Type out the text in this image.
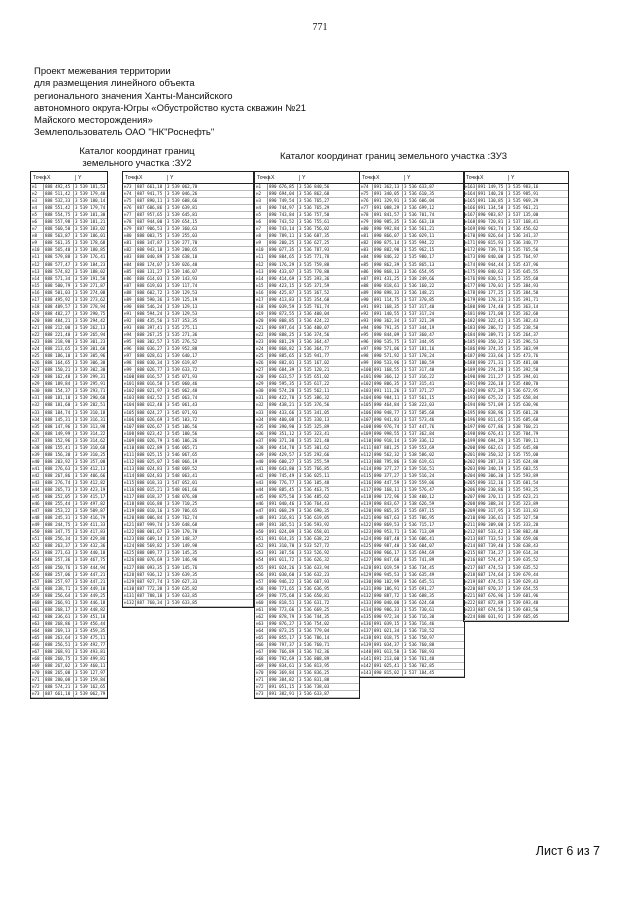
771
Проект межевания территории
для размещения линейного объекта
регионального значения Ханты-Мансийского
автономного округа-Югры «Обустройство куста скважин №21
Майского месторождения»
Землепользователь ОАО "НК"Роснефть"
Каталог координат границ
земельного участка :ЗУ2
Каталог координат границ земельного участка :ЗУ3
Точка X	Y
н1	888 492,45	3 539 181,53
н2	888 511,42	3 539 179,40
н3	888 532,33	3 539 180,14
н4	888 551,42	3 539 179,74
н5	888 554,75	3 539 181,30
н6	888 557,98	3 539 181,21
н7	888 560,50	3 539 183,02
н8	888 563,87	3 539 186,01
н9	888 561,35	3 539 178,68
н10	888 565,40	3 539 180,85
н11	888 579,88	3 539 176,41
н12	888 577,47	3 539 184,23
н13	888 574,82	3 539 188,02
н14	888 571,34	3 539 191,58
н15	888 500,79	3 539 271,87
н16	888 501,03	3 539 274,00
н17	888 495,92	3 539 273,62
н18	888 489,57	3 539 278,94
н19	888 482,27	3 539 290,75
н20	888 484,21	3 539 294,42
н21	888 212,00	3 539 262,13
н22	888 221,40	3 539 265,94
н23	888 218,90	3 539 301,23
н24	888 213,65	3 539 301,68
н25	888 186,10	3 539 305,96
н26	888 164,65	3 539 306,30
н27	888 150,21	3 539 302,30
н28	888 162,48	3 539 299,31
н29	888 189,84	3 539 295,91
н30	888 154,37	3 539 293,71
н31	888 181,18	3 539 290,60
н32	888 181,60	3 539 282,51
н33	888 184,74	3 539 310,18
н34	888 145,31	3 539 316,31
н35	888 147,96	3 539 313,98
н36	888 149,99	3 539 314,22
н37	888 152,96	3 539 314,62
н38	888 155,41	3 539 310,68
н39	888 156,30	3 539 310,25
н40	888 203,92	3 539 357,00
н41	888 276,63	3 539 412,13
н42	888 267,86	3 539 406,66
н43	888 276,74	3 539 412,82
н44	888 265,73	3 539 423,19
н45	888 252,05	3 539 415,17
н46	888 255,44	3 539 497,82
н47	888 253,22	3 539 509,87
н48	888 245,31	3 539 416,79
н49	888 244,75	3 539 411,33
н50	888 347,75	3 539 417,83
н51	888 256,34	3 539 429,88
н52	888 263,37	3 539 432,36
н53	888 271,63	3 539 440,10
н54	888 257,36	3 539 467,75
н55	888 250,76	3 539 444,94
н56	888 257,06	3 539 447,21
н57	888 257,97	3 539 447,21
н58	888 238,71	3 539 449,10
н59	888 256,64	3 539 449,25
н60	888 266,91	3 539 446,18
н61	888 268,17	3 539 448,82
н62	888 236,61	3 539 451,10
н63	888 268,86	3 539 456,44
н64	888 269,13	3 539 459,35
н65	888 263,64	3 539 475,11
н66	888 256,51	3 539 492,77
н67	888 268,91	3 539 493,81
н68	888 260,75	3 539 499,81
н69	888 267,02	3 539 460,11
н70	888 265,08	3 539 127,97
н71	888 280,08	3 539 159,84
н72	888 574,21	3 539 162,65
н73	887 661,18	3 539 062,79
Точка X	Y
н73	887 661,18	3 539 062,78
н74	887 941,75	3 539 046,26
н75	887 890,11	3 539 608,66
н76	887 686,86	3 539 639,81
н77	887 957,65	3 539 645,81
н78	887 944,00	3 539 654,15
н79	887 906,53	3 539 360,63
н80	888 003,75	3 539 255,03
н81	888 347,87	3 539 277,70
н82	888 943,10	3 539 200,65
н83	888 040,89	3 538 638,18
н84	888 174,07	3 539 026,40
н85	888 131,27	3 539 146,07
н86	888 614,03	3 539 143,93
н87	888 619,03	3 539 117,74
н88	888 602,72	3 539 129,53
н89	888 590,36	3 539 125,19
н90	888 546,24	3 539 129,13
н91	888 594,24	3 539 129,53
н92	888 435,56	3 537 353,35
н93	888 397,41	3 535 275,11
н94	888 267,25	3 535 271,36
н95	888 302,57	3 535 276,52
н96	888 036,27	3 539 952,88
н97	888 028,61	3 539 640,17
н98	888 030,34	3 539 619,87
н99	888 026,77	3 539 633,72
н100 888 016,57	3 545 071,93
н101 888 016,50	3 545 060,46
н102 888 021,97	3 545 062,48
н103 888 842,52	3 545 063,74
н104 888 012,48	3 545 061,43
н105 888 024,27	3 545 071,93
н106 888 026,69	3 545 103,72
н107 888 026,67	3 545 106,56
н108 888 023,42	3 545 100,56
н109 888 026,79	3 546 106,26
н110 888 022,89	3 546 065,71
н111 888 025,15	3 546 067,65
н112 888 025,07	3 548 066,19
н113 888 024,83	3 548 069,52
н114 888 024,83	3 548 063,41
н115 888 018,33	3 547 052,01
н116 888 015,21	3 548 061,66
н117 888 018,37	3 548 076,88
н118 888 016,88	3 539 710,25
н119 888 010,16	3 539 706,65
н120 888 006,84	3 539 762,74
н121 887 999,74	3 539 648,68
н122 888 001,67	3 539 170,78
н123 888 609,14	3 539 148,37
н124 888 569,82	3 539 149,98
н125 888 089,77	3 539 145,35
н126 888 076,69	3 539 146,96
н127 888 093,35	3 539 145,76
н128 887 936,12	3 539 639,35
н129 887 927,74	3 539 627,33
н130 887 772,38	3 539 635,82
н131 887 788,18	3 539 633,85
н132 887 760,34	3 539 633,85
Точка X	Y
н1	890 676,85	3 536 840,56
н2	890 694,04	3 536 862,68
н3	890 749,54	3 536 765,27
н4	890 744,97	3 536 765,29
н5	890 743,84	3 536 757,50
н6	890 743,52	3 536 755,61
н7	890 743,14	3 536 756,02
н8	890 789,11	3 536 687,35
н9	890 200,25	3 536 627,25
н10	890 077,35	3 536 787,93
н11	890 884,65	3 535 771,78
н12	890 176,29	3 535 759,88
н13	890 433,07	3 535 770,80
н14	890 414,69	3 535 393,36
н15	890 423,15	3 535 371,59
н16	890 425,87	3 535 367,52
н17	890 413,83	3 535 354,60
н18	890 039,59	3 535 761,74
н19	890 873,55	3 536 400,04
н20	890 808,85	3 536 424,22
н21	890 897,64	3 536 400,07
н22	890 888,25	3 536 374,56
н23	890 881,29	3 536 364,47
н24	890 868,82	3 536 364,77
н25	890 885,65	3 535 941,77
н26	890 882,01	3 535 167,02
н27	890 684,39	3 535 120,21
н28	890 633,57	3 535 651,02
н29	890 595,35	3 535 617,22
н30	890 574,28	3 535 562,11
н31	890 422,78	3 535 386,32
н32	890 438,21	3 535 376,56
н33	890 433,66	3 535 341,05
н34	890 400,08	3 535 330,13
н35	890 390,90	3 535 325,89
н36	890 351,12	3 535 323,41
н37	890 371,38	3 535 321,40
н38	890 414,78	3 535 301,62
н39	890 429,57	3 535 292,66
н40	890 600,27	3 535 255,59
н41	890 643,80	3 535 766,85
н42	890 745,49	3 536 025,11
н43	890 776,77	3 536 105,48
н44	890 885,45	3 536 463,75
н45	890 875,58	3 536 485,62
н46	891 040,46	3 536 764,43
н47	891 068,29	3 536 690,35
н48	891 316,81	3 536 619,05
н49	891 365,51	3 536 593,92
н50	891 024,09	3 536 658,01
н51	891 014,35	3 536 638,22
н52	891 310,70	3 533 527,72
н53	891 307,56	3 533 526,92
н54	891 011,72	3 536 626,32
н55	891 024,26	3 536 633,94
н56	891 030,60	3 536 632,23
н57	890 946,22	3 536 607,93
н58	890 771,65	3 536 636,95
н59	890 775,68	3 536 650,81
н60	890 818,51	3 536 631,72
н61	890 773,66	3 536 669,25
н62	890 878,79	3 536 744,35
н63	890 876,27	3 536 754,02
н64	890 873,25	3 536 779,04
н65	890 855,17	3 536 786,14
н66	890 797,37	3 536 760,71
н67	890 766,89	3 536 742,36
н68	890 792,69	3 536 808,89
н69	890 834,61	3 536 813,95
н70	890 369,84	3 536 836,25
н71	890 384,82	3 536 831,88
н72	891 051,15	3 536 738,03
н73	891 382,91	3 536 633,87
Точка X	Y
н74	891 362,13	3 536 633,87
н75	891 340,05	3 536 610,35
н76	891 329,91	3 536 606,04
н77	891 088,29	3 536 699,12
н78	891 841,57	3 536 701,74
н79	890 985,35	3 536 663,18
н80	890 992,84	3 536 561,21
н81	890 866,07	3 536 029,11
н82	890 875,14	3 535 994,22
н83	890 882,90	3 535 962,15
н84	890 846,32	3 535 980,17
н85	890 862,39	3 535 865,13
н86	890 868,13	3 536 654,95
н87	891 431,25	3 538 249,66
н88	890 818,61	3 536 160,22
н89	890 898,33	3 536 148,21
н90	891 114,75	3 537 370,85
н91	891 168,35	3 537 317,40
н92	891 140,55	3 537 317,24
н93	890 362,34	3 537 321,39
н94	890 791,35	3 537 344,19
н95	890 844,09	3 537 360,47
н96	890 535,75	3 537 344,95
н97	890 571,06	3 537 181,16
н98	890 571,92	3 537 178,24
н99	890 533,96	3 537 180,59
н100 891 168,55	3 537 317,40
н101 890 366,12	3 537 316,22
н102 890 806,35	3 537 315,41
н103 891 111,26	3 537 371,27
н104 890 984,11	3 537 561,15
н105 890 464,84	3 538 223,03
н106 890 948,77	3 537 585,68
н107 890 941,83	3 537 573,46
н108 890 976,74	3 537 447,76
н109 890 998,55	3 537 362,84
н110 890 918,14	3 539 336,12
н111 887 881,25	3 539 553,69
н112 890 562,32	3 538 586,02
н113 888 795,86	3 538 619,61
н114 890 377,27	3 539 516,51
н115 890 377,27	3 539 516,24
н116 890 447,59	3 539 559,06
н117 890 168,11	3 539 576,47
н118 890 172,96	3 538 400,12
н119 890 843,67	3 538 626,59
н120 890 865,35	3 535 697,15
н121 890 867,63	3 535 706,95
н122 890 869,53	3 536 715,17
н123 890 953,71	3 536 713,09
н124 890 887,40	3 536 606,41
н125 890 987,40	3 536 604,07
н126 890 966,17	3 535 694,69
н127 890 847,60	3 535 741,89
н128 891 019,59	3 536 734,45
н129 890 945,53	3 536 635,49
н130 890 182,99	3 536 645,51
н131 890 186,91	3 535 691,27
н132 890 887,72	3 536 688,35
н133 890 040,00	3 536 624,60
н134 890 986,33	3 535 730,61
н135 890 972,34	3 536 716,38
н136 891 039,15	3 536 716,46
н137 891 021,34	3 536 718,52
н138 891 018,75	3 536 750,97
н139 891 034,37	3 536 760,88
н140 891 013,50	3 536 768,93
н141 891 213,00	3 536 761,48
н142 891 025,41	3 536 702,85
н143 890 815,02	3 537 184,45
Точка X	Y
н163 891 149,75	3 535 983,16
н164 891 140,28	3 535 985,91
н165 891 130,85	3 535 969,29
н166 891 134,58	3 535 961,21
н167 890 983,87	3 537 135,00
н168 890 720,81	3 537 168,41
н169 890 963,74	3 536 456,62
н170 890 826,64	3 536 341,37
н171 890 815,93	3 536 340,77
н172 890 739,76	3 535 765,56
н173 890 840,00	3 535 764,97
н174 890 944,44	3 535 437,96
н175 890 840,62	3 535 645,55
н176 890 830,51	3 535 355,60
н177 890 170,01	3 535 384,93
н178 890 177,25	3 535 384,50
н179 890 178,31	3 535 391,71
н180 890 174,48	3 535 363,14
н181 890 171,00	3 535 362,68
н182 890 322,41	3 535 382,43
н183 890 286,72	3 535 238,50
н184 890 389,71	3 535 264,37
н185 890 350,32	3 535 296,53
н186 890 374,35	3 535 303,99
н187 890 233,66	3 535 473,76
н188 890 271,31	3 535 481,08
н189 890 274,28	3 535 392,58
н190 890 211,27	3 535 394,01
н191 890 226,18	3 535 400,70
н192 890 872,29	3 536 672,95
н193 890 675,32	3 535 658,84
н194 890 571,09	3 535 630,96
н195 890 838,96	3 535 601,28
н196 890 811,65	3 535 685,68
н197 890 677,86	3 538 760,21
н198 890 676,41	3 535 704,79
н199 890 694,29	3 535 709,11
н200 890 662,61	3 535 645,80
н201 890 350,32	3 535 755,00
н202 890 287,33	3 535 624,80
н203 890 340,19	3 535 603,55
н204 890 306,30	3 535 593,89
н205 890 312,16	3 535 601,54
н206 890 230,86	3 535 593,25
н207 890 370,11	3 535 623,21
н208 890 388,34	3 535 323,89
н209 890 317,95	3 535 331,83
н210 890 336,61	3 535 327,58
н211 890 309,00	3 535 333,20
н212 887 533,42	3 538 802,40
н213 887 733,53	3 538 659,06
н214 887 739,40	3 538 638,43
н215 887 734,27	3 539 614,34
н216 887 574,47	3 539 635,52
н217 887 474,53	3 539 635,52
н218 887 174,64	3 539 679,44
н219 887 474,51	3 539 629,43
н220 887 870,37	3 539 654,55
н221 887 676,96	3 539 681,96
н222 887 872,89	3 539 693,48
н223 887 674,56	3 539 683,56
н224 888 031,91	3 539 665,05
Лист 6 из 7
